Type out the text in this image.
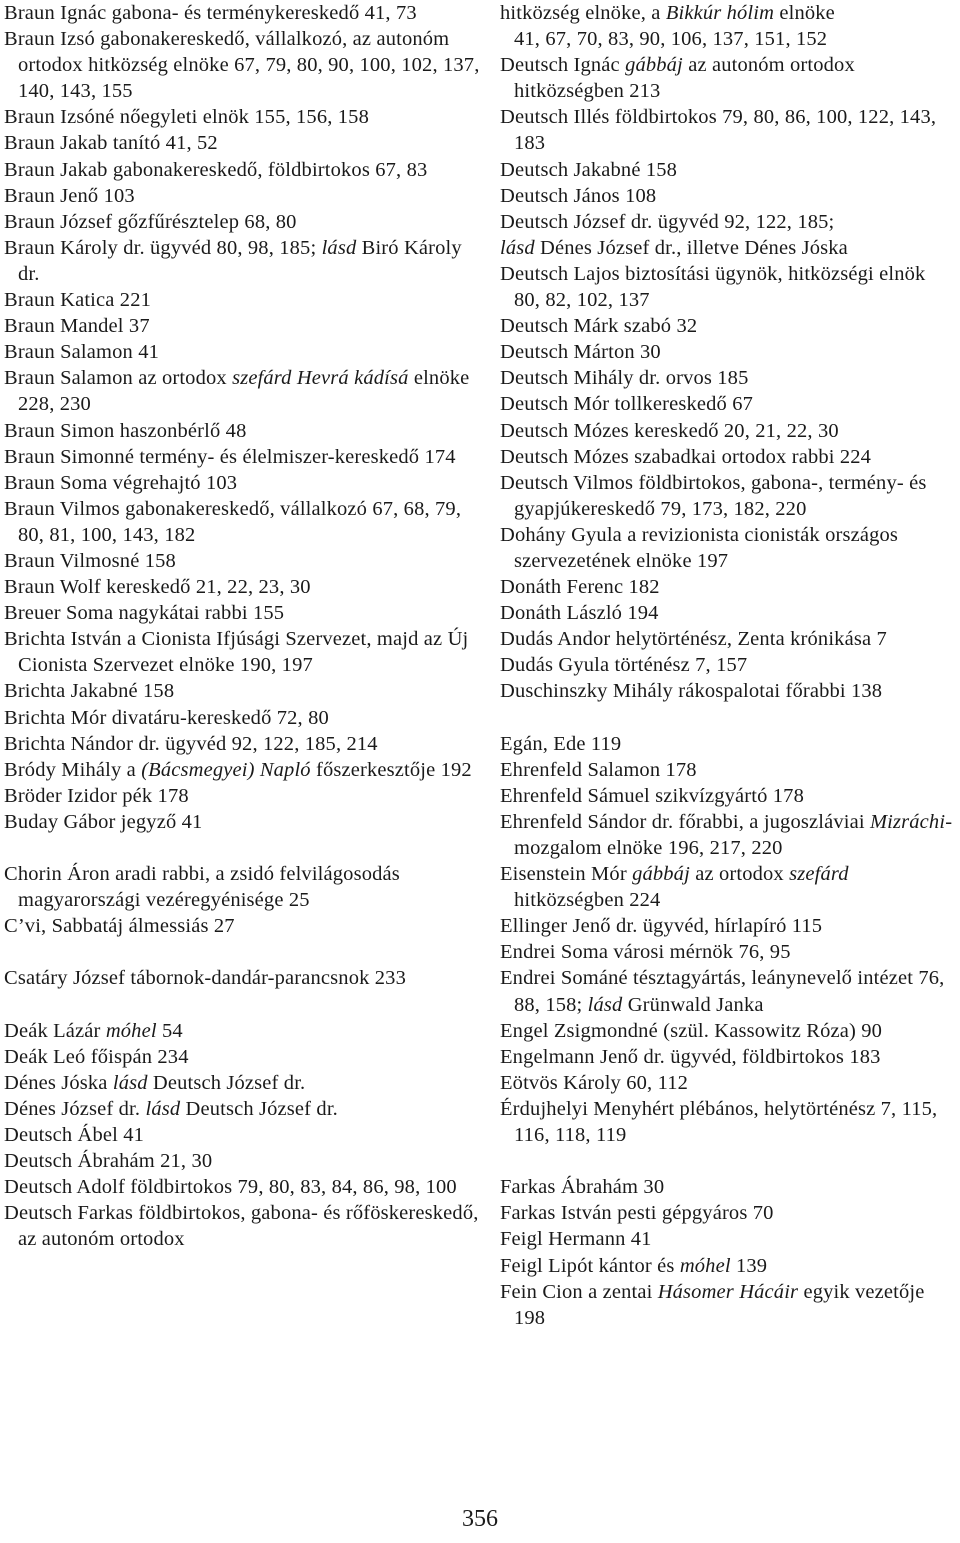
Braun Ignác gabona- és terménykereskedő 41, 73

Braun Izsó gabonakereskedő, vállalkozó, az autonóm ortodox hitközség elnöke 67, 79, 80, 90, 100, 102, 137, 140, 143, 155

Braun Izsóné nőegyleti elnök 155, 156, 158

Braun Jakab tanító 41, 52

Braun Jakab gabonakereskedő, földbirtokos 67, 83

Braun Jenő 103

Braun József gőzfűrésztelep 68, 80

Braun Károly dr. ügyvéd 80, 98, 185; lásd Biró Károly dr.

Braun Katica 221

Braun Mandel 37

Braun Salamon 41

Braun Salamon az ortodox szefárd Hevrá kádísá elnöke 228, 230

Braun Simon haszonbérlő 48

Braun Simonné termény- és élelmiszer-kereskedő 174

Braun Soma végrehajtó 103

Braun Vilmos gabonakereskedő, vállalkozó 67, 68, 79, 80, 81, 100, 143, 182

Braun Vilmosné 158

Braun Wolf kereskedő 21, 22, 23, 30

Breuer Soma nagykátai rabbi 155

Brichta István a Cionista Ifjúsági Szervezet, majd az Új Cionista Szervezet elnöke 190, 197

Brichta Jakabné 158

Brichta Mór divatáru-kereskedő 72, 80

Brichta Nándor dr. ügyvéd 92, 122, 185, 214

Bródy Mihály a (Bácsmegyei) Napló főszerkesztője 192

Bröder Izidor pék 178

Buday Gábor jegyző 41

Chorin Áron aradi rabbi, a zsidó felvilágosodás magyarországi vezéregyénisége 25

C’vi, Sabbatáj álmessiás 27

Csatáry József tábornok-dandár-parancsnok 233

Deák Lázár móhel 54

Deák Leó főispán 234

Dénes Jóska lásd Deutsch József dr.

Dénes József dr. lásd Deutsch József dr.

Deutsch Ábel 41

Deutsch Ábrahám 21, 30

Deutsch Adolf földbirtokos 79, 80, 83, 84, 86, 98, 100

Deutsch Farkas földbirtokos, gabona- és rőföskereskedő, az autonóm ortodox

hitközség elnöke, a Bikkúr hólim elnöke

41, 67, 70, 83, 90, 106, 137, 151, 152

Deutsch Ignác gábbáj az autonóm ortodox hitközségben 213

Deutsch Illés földbirtokos 79, 80, 86, 100, 122, 143, 183

Deutsch Jakabné 158

Deutsch János 108

Deutsch József dr. ügyvéd 92, 122, 185;

lásd Dénes József dr., illetve Dénes Jóska

Deutsch Lajos biztosítási ügynök, hitközségi elnök 80, 82, 102, 137

Deutsch Márk szabó 32

Deutsch Márton 30

Deutsch Mihály dr. orvos 185

Deutsch Mór tollkereskedő 67

Deutsch Mózes kereskedő 20, 21, 22, 30

Deutsch Mózes szabadkai ortodox rabbi 224

Deutsch Vilmos földbirtokos, gabona-, termény- és gyapjúkereskedő 79, 173, 182, 220

Dohány Gyula a revizionista cionisták országos szervezetének elnöke 197

Donáth Ferenc 182

Donáth László 194

Dudás Andor helytörténész, Zenta krónikása 7

Dudás Gyula történész 7, 157

Duschinszky Mihály rákospalotai főrabbi 138

Egán, Ede 119

Ehrenfeld Salamon 178

Ehrenfeld Sámuel szikvízgyártó 178

Ehrenfeld Sándor dr. főrabbi, a jugoszláviai Mizráchi-mozgalom elnöke 196, 217, 220

Eisenstein Mór gábbáj az ortodox szefárd hitközségben 224

Ellinger Jenő dr. ügyvéd, hírlapíró 115

Endrei Soma városi mérnök 76, 95

Endrei Sománé tésztagyártás, leánynevelő intézet 76, 88, 158; lásd Grünwald Janka

Engel Zsigmondné (szül. Kassowitz Róza) 90

Engelmann Jenő dr. ügyvéd, földbirtokos 183

Eötvös Károly 60, 112

Érdujhelyi Menyhért plébános, helytörténész 7, 115, 116, 118, 119

Farkas Ábrahám 30

Farkas István pesti gépgyáros 70

Feigl Hermann 41

Feigl Lipót kántor és móhel 139

Fein Cion a zentai Hásomer Hácáir egyik vezetője 198

356
